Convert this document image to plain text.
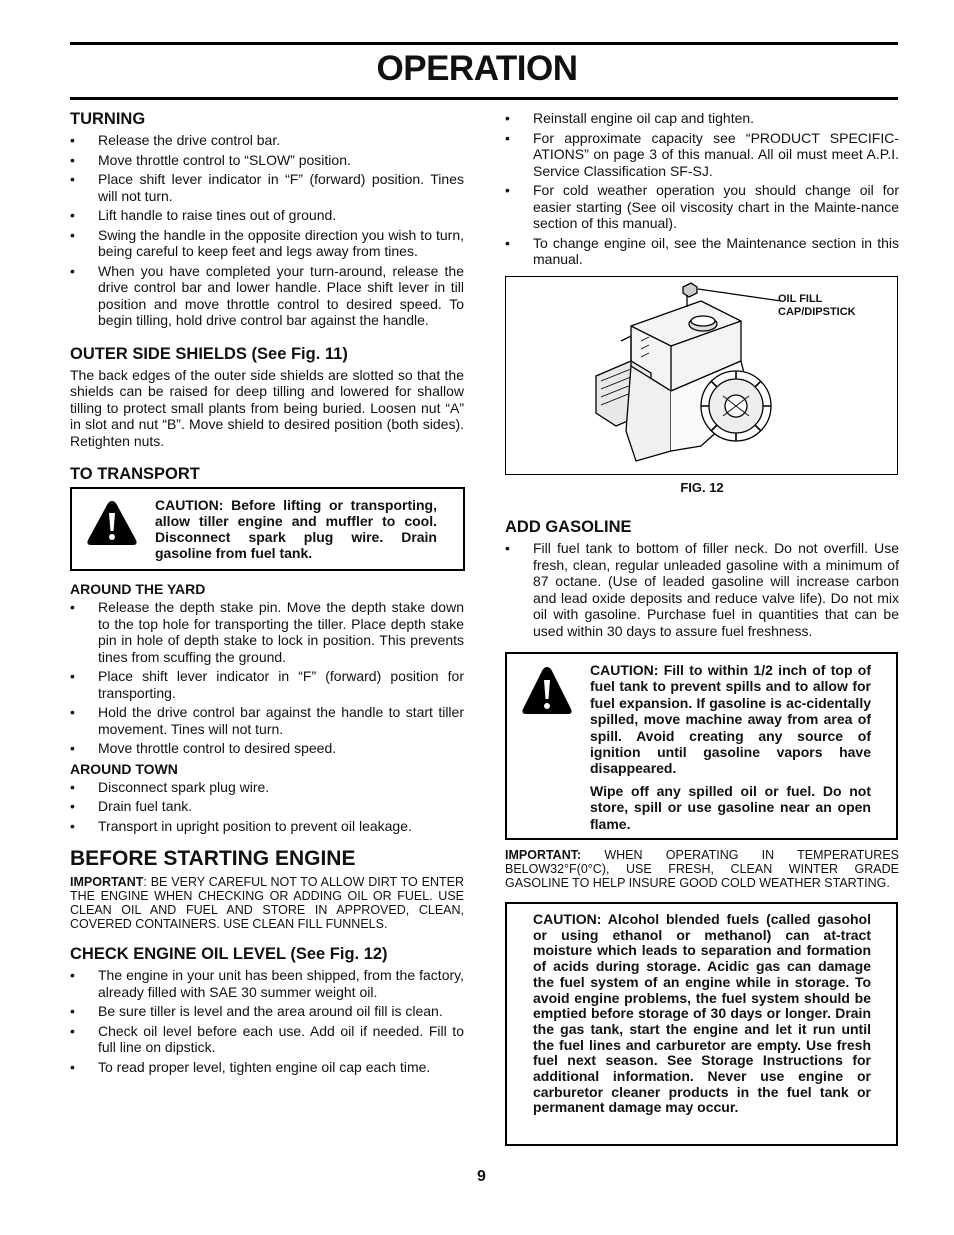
OPERATION
TURNING
• Release the drive control bar.
• Move throttle control to “SLOW” position.
• Place shift lever indicator in “F” (forward) position. Tines will not turn.
• Lift handle to raise tines out of ground.
• Swing the handle in the opposite direction you wish to turn, being careful to keep feet and legs away from tines.
• When you have completed your turn-around, release the drive control bar and lower handle. Place shift lever in till position and move throttle control to desired speed. To begin tilling, hold drive control bar against the handle.
OUTER SIDE SHIELDS (See Fig. 11)

The back edges of the outer side shields are slotted so that the shields can be raised for deep tilling and lowered for shallow tilling to protect small plants from being buried. Loosen nut “A” in slot and nut “B”. Move shield to desired position (both sides). Retighten nuts.

TO TRANSPORT
CAUTION: Before lifting or transporting, allow tiller engine and muffler to cool. Disconnect spark plug wire. Drain gasoline from fuel tank.
AROUND THE YARD
• Release the depth stake pin. Move the depth stake down to the top hole for transporting the tiller. Place depth stake pin in hole of depth stake to lock in position. This prevents tines from scuffing the ground.
• Place shift lever indicator in “F” (forward) position for transporting.
• Hold the drive control bar against the handle to start tiller movement. Tines will not turn.
• Move throttle control to desired speed.
AROUND TOWN
• Disconnect spark plug wire.
• Drain fuel tank.
• Transport in upright position to prevent oil leakage.
BEFORE STARTING ENGINE

IMPORTANT: BE VERY CAREFUL NOT TO ALLOW DIRT TO ENTER THE ENGINE WHEN CHECKING OR ADDING OIL OR FUEL. USE CLEAN OIL AND FUEL AND STORE IN APPROVED, CLEAN, COVERED CONTAINERS. USE CLEAN FILL FUNNELS.

CHECK ENGINE OIL LEVEL (See Fig. 12)
• The engine in your unit has been shipped, from the factory, already filled with SAE 30 summer weight oil.
• Be sure tiller is level and the area around oil fill is clean.
• Check oil level before each use. Add oil if needed. Fill to full line on dipstick.
• To read proper level, tighten engine oil cap each time.
• Reinstall engine oil cap and tighten.
• For approximate capacity see “PRODUCT SPECIFIC-ATIONS” on page 3 of this manual. All oil must meet A.P.I. Service Classification SF-SJ.
• For cold weather operation you should change oil for easier starting (See oil viscosity chart in the Mainte-nance section of this manual).
• To change engine oil, see the Maintenance section in this manual.
OIL FILL
CAP/DIPSTICK
FIG. 12
ADD GASOLINE
• Fill fuel tank to bottom of filler neck. Do not overfill. Use fresh, clean, regular unleaded gasoline with a minimum of 87 octane. (Use of leaded gasoline will increase carbon and lead oxide deposits and reduce valve life). Do not mix oil with gasoline. Purchase fuel in quantities that can be used within 30 days to assure fuel freshness.

CAUTION: Fill to within 1/2 inch of top of fuel tank to prevent spills and to allow for fuel expansion. If gasoline is ac-cidentally spilled, move machine away from area of spill. Avoid creating any source of ignition until gasoline vapors have disappeared.

Wipe off any spilled oil or fuel. Do not store, spill or use gasoline near an open flame.

IMPORTANT: WHEN OPERATING IN TEMPERATURES BELOW32°F(0°C), USE FRESH, CLEAN WINTER GRADE GASOLINE TO HELP INSURE GOOD COLD WEATHER STARTING.

CAUTION: Alcohol blended fuels (called gasohol or using ethanol or methanol) can at-tract moisture which leads to separation and formation of acids during storage. Acidic gas can damage the fuel system of an engine while in storage. To avoid engine problems, the fuel system should be emptied before storage of 30 days or longer. Drain the gas tank, start the engine and let it run until the fuel lines and carburetor are empty. Use fresh fuel next season. See Storage Instructions for additional information. Never use engine or carburetor cleaner products in the fuel tank or permanent damage may occur.
9
